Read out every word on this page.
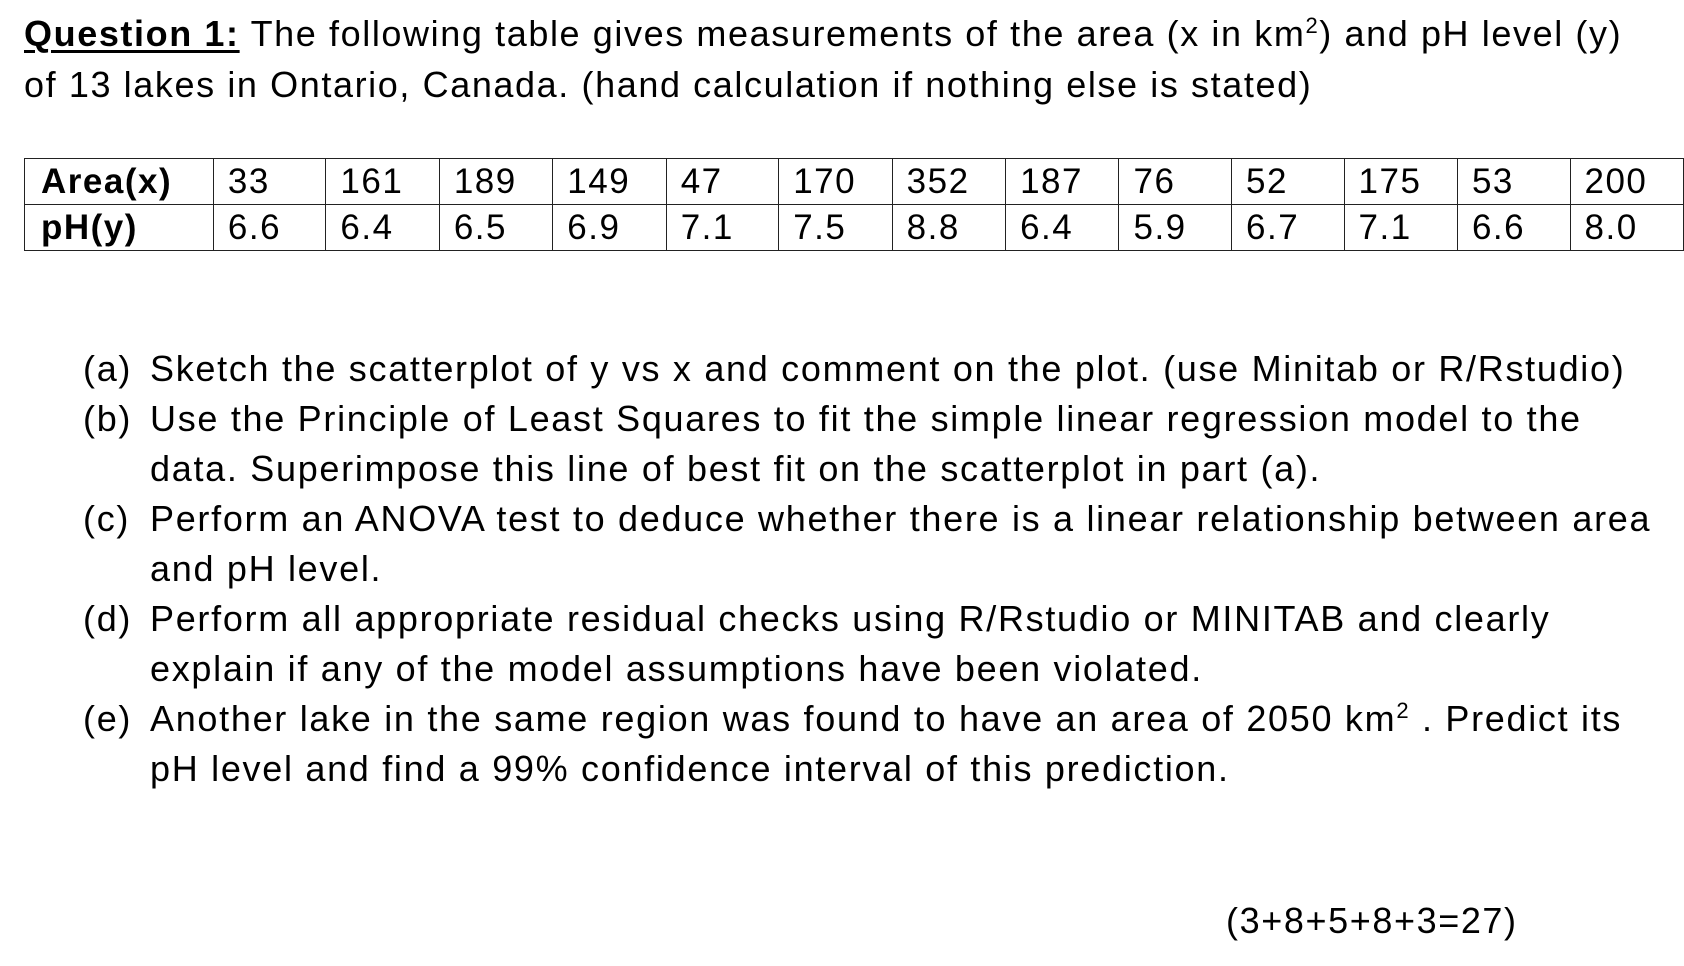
Question 1: The following table gives measurements of the area (x in $km^2$) and pH level (y) of 13 lakes in Ontario, Canada. (hand calculation if nothing else is stated)

Area(x)	33	161	189	149	47	170	352	187	76	52	175	53	200
pH(y)	6.6	6.4	6.5	6.9	7.1	7.5	8.8	6.4	5.9	6.7	7.1	6.6	8.0
(a) Sketch the scatterplot of y vs x and comment on the plot. (use Minitab or R/Rstudio)
(b) Use the Principle of Least Squares to fit the simple linear regression model to the data. Superimpose this line of best fit on the scatterplot in part (a).
(c) Perform an ANOVA test to deduce whether there is a linear relationship between area and pH level.
(d) Perform all appropriate residual checks using R/Rstudio or MINITAB and clearly explain if any of the model assumptions have been violated.
(e) Another lake in the same region was found to have an area of 2050 $km^2$ . Predict its pH level and find a 99% confidence interval of this prediction.
(3+8+5+8+3=27)
